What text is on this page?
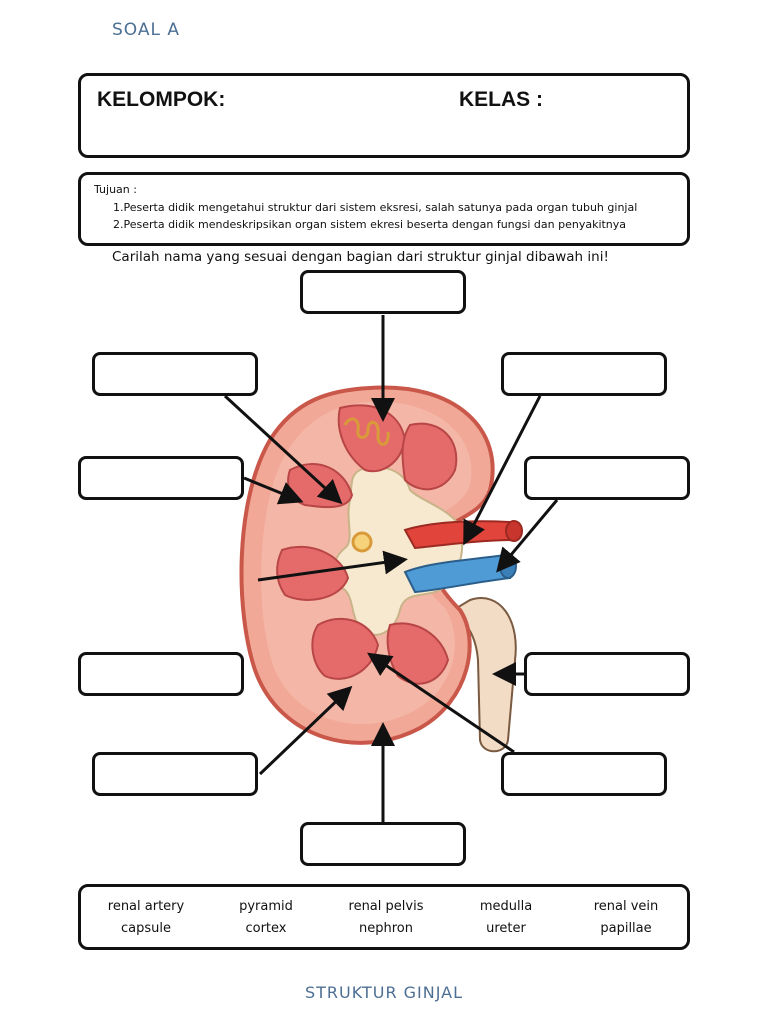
SOAL A
KELOMPOK:	KELAS :
Tujuan :
1.Peserta didik mengetahui struktur dari sistem eksresi, salah satunya pada organ tubuh ginjal
2.Peserta didik mendeskripsikan organ sistem ekresi beserta dengan fungsi dan penyakitnya
Carilah nama yang sesuai dengan bagian dari struktur ginjal dibawah ini!
renal artery	pyramid	renal pelvis	medulla	renal vein
capsule	cortex	nephron	ureter	papillae
STRUKTUR GINJAL
